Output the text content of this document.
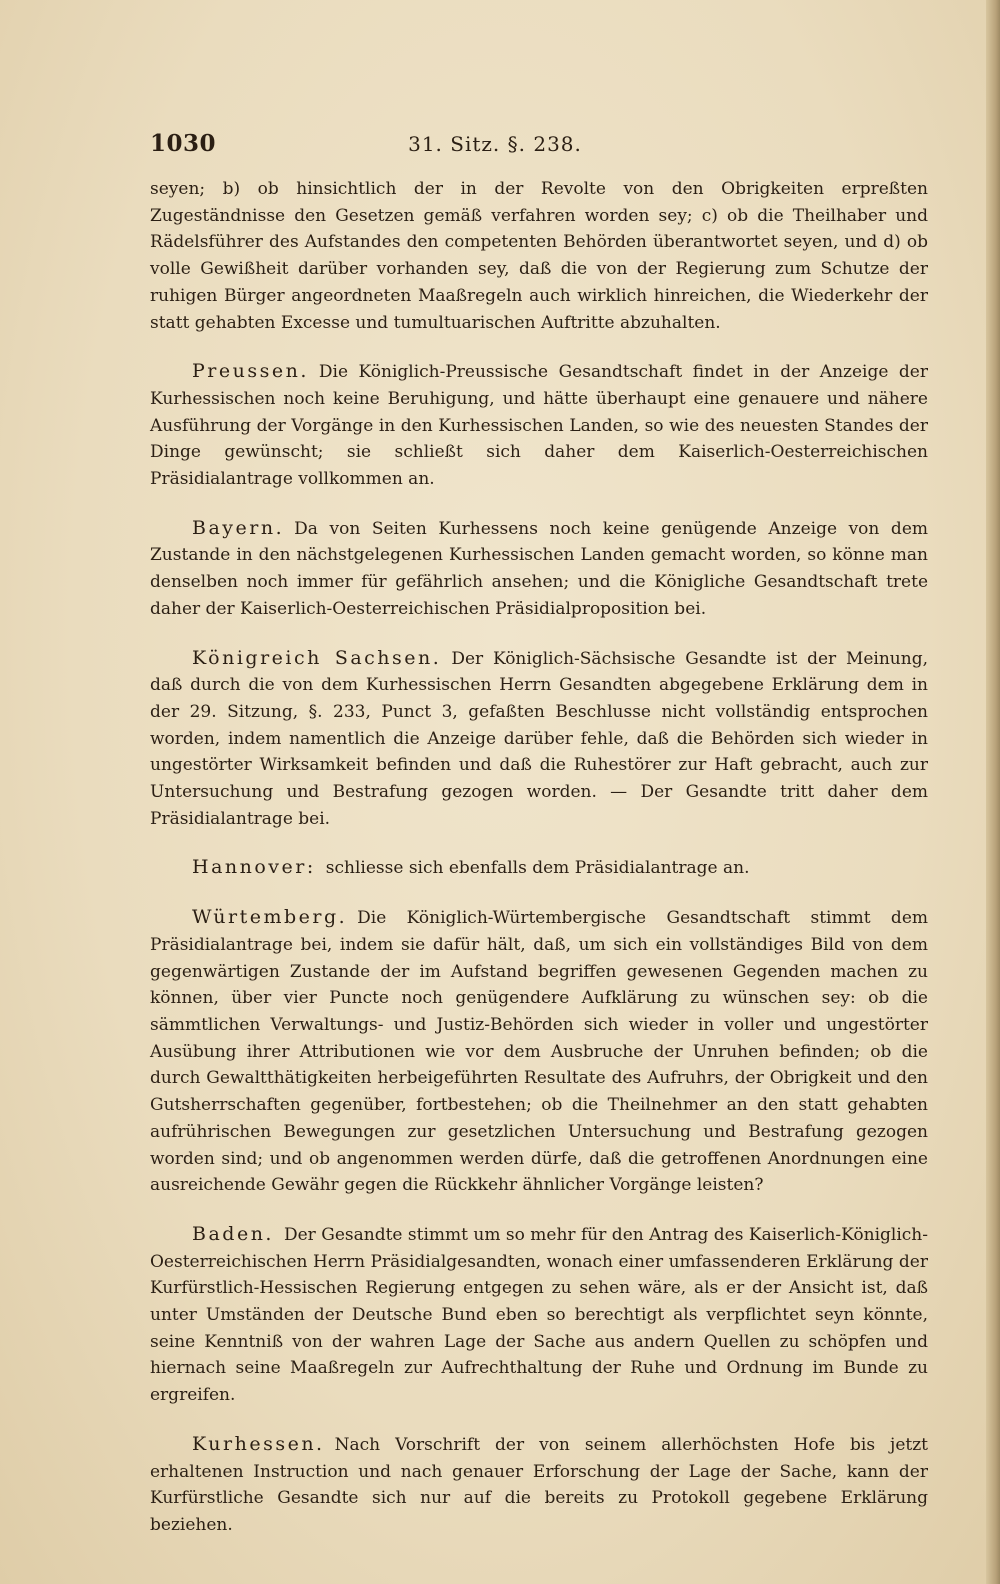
1030	31. Sitz. §. 238.

seyen; b) ob hinsichtlich der in der Revolte von den Obrigkeiten erpreßten Zugeständnisse den Gesetzen gemäß verfahren worden sey; c) ob die Theilhaber und Rädelsführer des Aufstandes den competenten Behörden überantwortet seyen, und d) ob volle Gewißheit darüber vorhanden sey, daß die von der Regierung zum Schutze der ruhigen Bürger angeordneten Maaßregeln auch wirklich hinreichen, die Wiederkehr der statt gehabten Excesse und tumultuarischen Auftritte abzuhalten.

Preussen. Die Königlich-Preussische Gesandtschaft findet in der Anzeige der Kurhessischen noch keine Beruhigung, und hätte überhaupt eine genauere und nähere Ausführung der Vorgänge in den Kurhessischen Landen, so wie des neuesten Standes der Dinge gewünscht; sie schließt sich daher dem Kaiserlich-Oesterreichischen Präsidialantrage vollkommen an.

Bayern. Da von Seiten Kurhessens noch keine genügende Anzeige von dem Zustande in den nächstgelegenen Kurhessischen Landen gemacht worden, so könne man denselben noch immer für gefährlich ansehen; und die Königliche Gesandtschaft trete daher der Kaiserlich-Oesterreichischen Präsidialproposition bei.

Königreich Sachsen. Der Königlich-Sächsische Gesandte ist der Meinung, daß durch die von dem Kurhessischen Herrn Gesandten abgegebene Erklärung dem in der 29. Sitzung, §. 233, Punct 3, gefaßten Beschlusse nicht vollständig entsprochen worden, indem namentlich die Anzeige darüber fehle, daß die Behörden sich wieder in ungestörter Wirksamkeit befinden und daß die Ruhestörer zur Haft gebracht, auch zur Untersuchung und Bestrafung gezogen worden. — Der Gesandte tritt daher dem Präsidialantrage bei.

Hannover: schliesse sich ebenfalls dem Präsidialantrage an.

Würtemberg. Die Königlich-Würtembergische Gesandtschaft stimmt dem Präsidialantrage bei, indem sie dafür hält, daß, um sich ein vollständiges Bild von dem gegenwärtigen Zustande der im Aufstand begriffen gewesenen Gegenden machen zu können, über vier Puncte noch genügendere Aufklärung zu wünschen sey: ob die sämmtlichen Verwaltungs- und Justiz-Behörden sich wieder in voller und ungestörter Ausübung ihrer Attributionen wie vor dem Ausbruche der Unruhen befinden; ob die durch Gewaltthätigkeiten herbeigeführten Resultate des Aufruhrs, der Obrigkeit und den Gutsherrschaften gegenüber, fortbestehen; ob die Theilnehmer an den statt gehabten aufrührischen Bewegungen zur gesetzlichen Untersuchung und Bestrafung gezogen worden sind; und ob angenommen werden dürfe, daß die getroffenen Anordnungen eine ausreichende Gewähr gegen die Rückkehr ähnlicher Vorgänge leisten?

Baden. Der Gesandte stimmt um so mehr für den Antrag des Kaiserlich-Königlich-Oesterreichischen Herrn Präsidialgesandten, wonach einer umfassenderen Erklärung der Kurfürstlich-Hessischen Regierung entgegen zu sehen wäre, als er der Ansicht ist, daß unter Umständen der Deutsche Bund eben so berechtigt als verpflichtet seyn könnte, seine Kenntniß von der wahren Lage der Sache aus andern Quellen zu schöpfen und hiernach seine Maaßregeln zur Aufrechthaltung der Ruhe und Ordnung im Bunde zu ergreifen.

Kurhessen. Nach Vorschrift der von seinem allerhöchsten Hofe bis jetzt erhaltenen Instruction und nach genauer Erforschung der Lage der Sache, kann der Kurfürstliche Gesandte sich nur auf die bereits zu Protokoll gegebene Erklärung beziehen.
